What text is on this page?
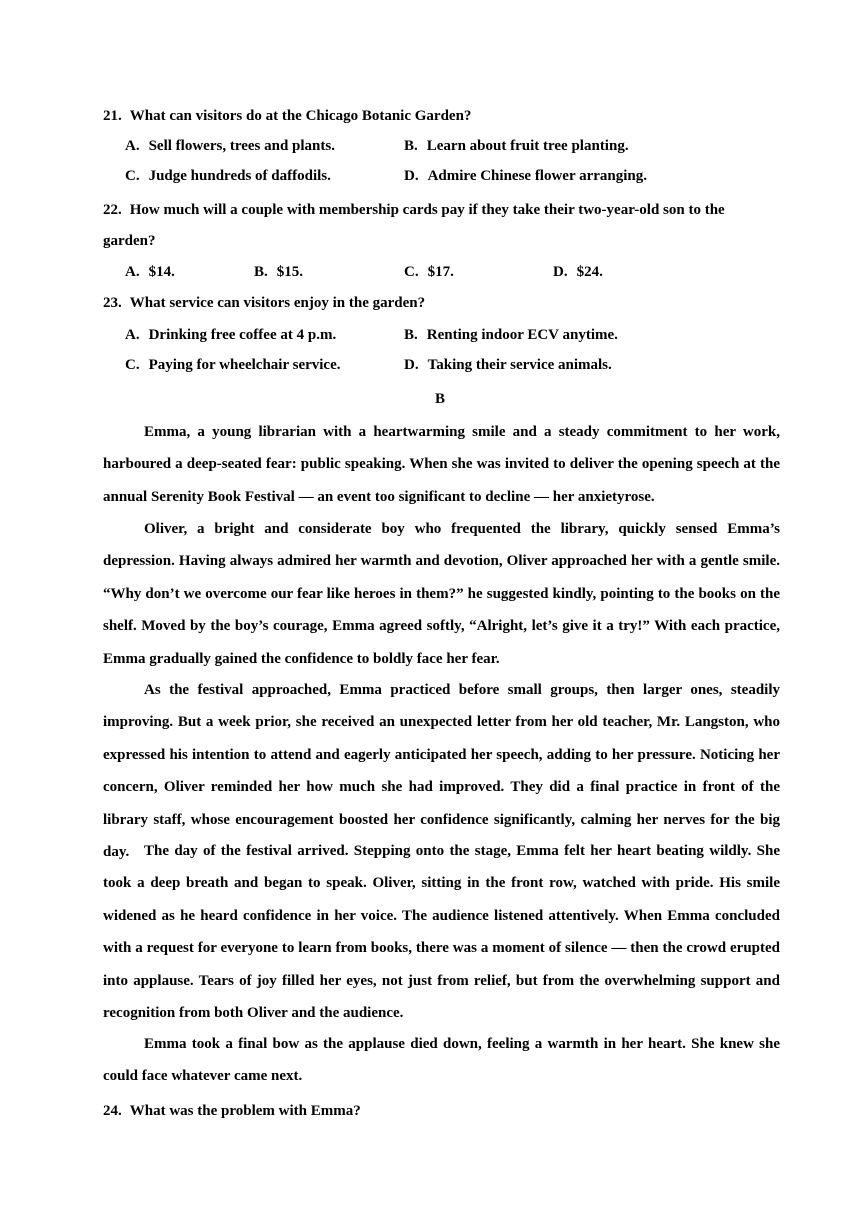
21. What can visitors do at the Chicago Botanic Garden?
A. Sell flowers, trees and plants.	B. Learn about fruit tree planting.
C. Judge hundreds of daffodils.	D. Admire Chinese flower arranging.
22. How much will a couple with membership cards pay if they take their two-year-old son to the
garden?
A. $14.	B. $15.	C. $17.	D. $24.
23. What service can visitors enjoy in the garden?
A. Drinking free coffee at 4 p.m.	B. Renting indoor ECV anytime.
C. Paying for wheelchair service.	D. Taking their service animals.
B

Emma, a young librarian with a heartwarming smile and a steady commitment to her work, harboured a deep-seated fear: public speaking. When she was invited to deliver the opening speech at the annual Serenity Book Festival — an event too significant to decline — her anxietyrose.

Oliver, a bright and considerate boy who frequented the library, quickly sensed Emma’s depression. Having always admired her warmth and devotion, Oliver approached her with a gentle smile. “Why don’t we overcome our fear like heroes in them?” he suggested kindly, pointing to the books on the shelf. Moved by the boy’s courage, Emma agreed softly, “Alright, let’s give it a try!” With each practice, Emma gradually gained the confidence to boldly face her fear.

As the festival approached, Emma practiced before small groups, then larger ones, steadily improving. But a week prior, she received an unexpected letter from her old teacher, Mr. Langston, who expressed his intention to attend and eagerly anticipated her speech, adding to her pressure. Noticing her concern, Oliver reminded her how much she had improved. They did a final practice in front of the library staff, whose encouragement boosted her confidence significantly, calming her nerves for the big day. The day of the festival arrived. Stepping onto the stage, Emma felt her heart beating wildly. She took a deep breath and began to speak. Oliver, sitting in the front row, watched with pride. His smile widened as he heard confidence in her voice. The audience listened attentively. When Emma concluded with a request for everyone to learn from books, there was a moment of silence — then the crowd erupted into applause. Tears of joy filled her eyes, not just from relief, but from the overwhelming support and recognition from both Oliver and the audience.

Emma took a final bow as the applause died down, feeling a warmth in her heart. She knew she could face whatever came next.

24. What was the problem with Emma?
